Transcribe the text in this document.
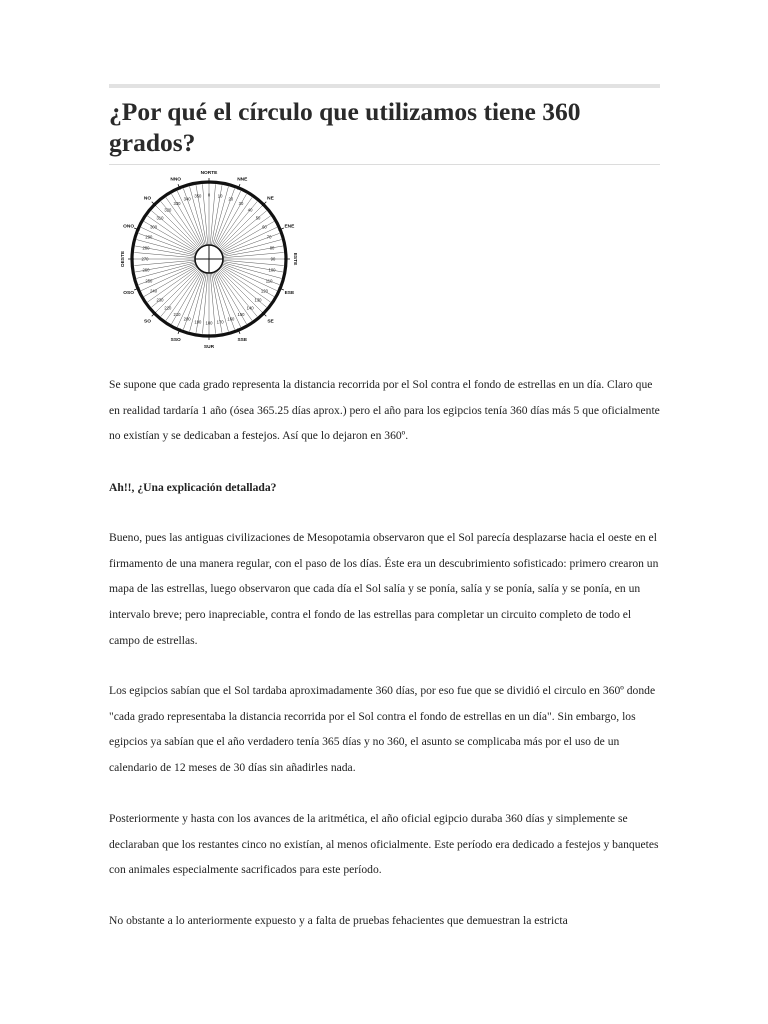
¿Por qué el círculo que utilizamos tiene 360 grados?
0 10
20
30
40
50
60
70
80
90
100
110
120
130
140
150
160
170
180
190
200
210
220
230
240
250
260
270
280
290
300
310
320
330
340
350
NORTE
NNE
NE
ENE
ESTE
ESE
SE
SSE
SUR
SSO
SO
OSO
OESTE
ONO
NO
NNO

Se supone que cada grado representa la distancia recorrida por el Sol contra el fondo de estrellas en un día. Claro que en realidad tardaría 1 año (ósea 365.25 días aprox.) pero el año para los egipcios tenía 360 días más 5 que oficialmente no existían y se dedicaban a festejos. Así que lo dejaron en 360º.

Ah!!, ¿Una explicación detallada?

Bueno, pues las antiguas civilizaciones de Mesopotamia observaron que el Sol parecía desplazarse hacia el oeste en el firmamento de una manera regular, con el paso de los días. Éste era un descubrimiento sofisticado: primero crearon un mapa de las estrellas, luego observaron que cada día el Sol salía y se ponía, salía y se ponía, salía y se ponía, en un intervalo breve; pero inapreciable, contra el fondo de las estrellas para completar un circuito completo de todo el campo de estrellas.

Los egipcios sabían que el Sol tardaba aproximadamente 360 días, por eso fue que se dividió el circulo en 360º donde "cada grado representaba la distancia recorrida por el Sol contra el fondo de estrellas en un día". Sin embargo, los egipcios ya sabían que el año verdadero tenía 365 días y no 360, el asunto se complicaba más por el uso de un calendario de 12 meses de 30 días sin añadirles nada.

Posteriormente y hasta con los avances de la aritmética, el año oficial egipcio duraba 360 días y simplemente se declaraban que los restantes cinco no existían, al menos oficialmente. Este período era dedicado a festejos y banquetes con animales especialmente sacrificados para este período.

No obstante a lo anteriormente expuesto y a falta de pruebas fehacientes que demuestran la estricta
